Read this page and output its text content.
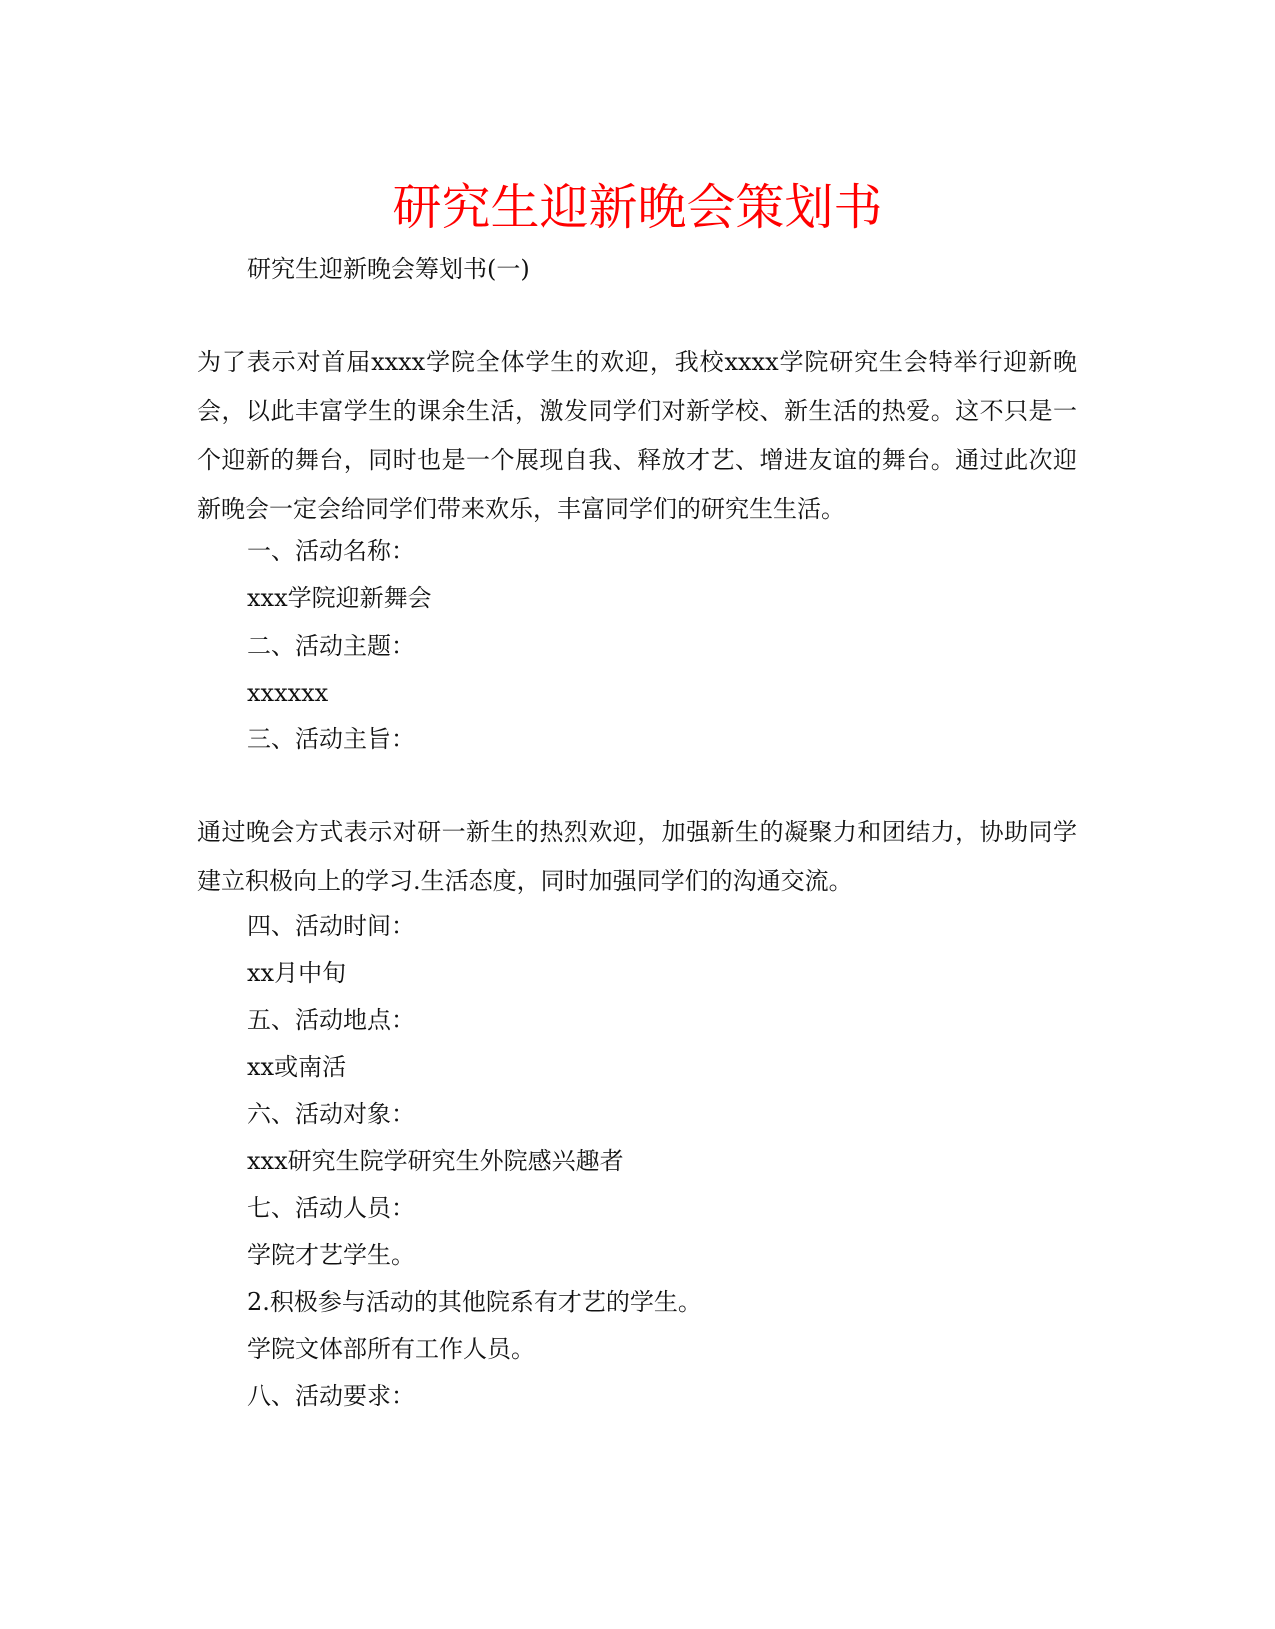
研究生迎新晚会策划书

研究生迎新晚会筹划书(一)

为了表示对首届xxxx学院全体学生的欢迎，我校xxxx学院研究生会特举行迎新晚会，以此丰富学生的课余生活，激发同学们对新学校、新生活的热爱。这不只是一个迎新的舞台，同时也是一个展现自我、释放才艺、增进友谊的舞台。通过此次迎新晚会一定会给同学们带来欢乐，丰富同学们的研究生生活。

一、活动名称：

xxx学院迎新舞会

二、活动主题：

xxxxxx

三、活动主旨：

通过晚会方式表示对研一新生的热烈欢迎，加强新生的凝聚力和团结力，协助同学建立积极向上的学习.生活态度，同时加强同学们的沟通交流。

四、活动时间：

xx月中旬

五、活动地点：

xx或南活

六、活动对象：

xxx研究生院学研究生外院感兴趣者

七、活动人员：

学院才艺学生。

2.积极参与活动的其他院系有才艺的学生。

学院文体部所有工作人员。

八、活动要求：
